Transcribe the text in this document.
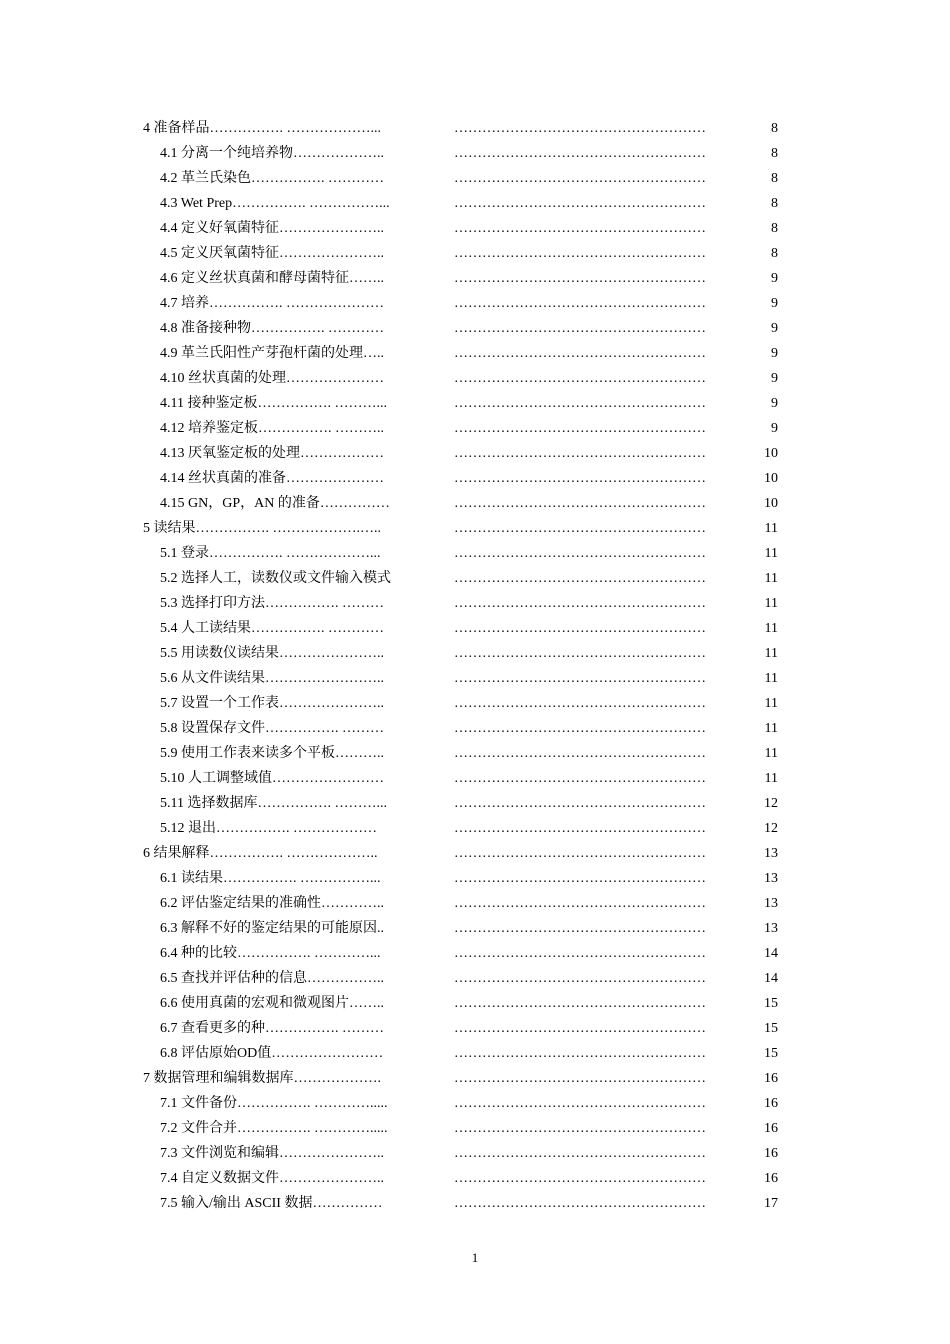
4 准备样品……………. ………………...	………………………………………………	8
4.1 分离一个纯培养物………………..	………………………………………………	8
4.2 革兰氏染色……………. …………	………………………………………………	8
4.3 Wet Prep……………. ……………...	………………………………………………	8
4.4 定义好氧菌特征…………………..	………………………………………………	8
4.5 定义厌氧菌特征…………………..	………………………………………………	8
4.6 定义丝状真菌和酵母菌特征……..	………………………………………………	9
4.7 培养……………. …………………	………………………………………………	9
4.8 准备接种物……………. …………	………………………………………………	9
4.9 革兰氏阳性产芽孢杆菌的处理…..	………………………………………………	9
4.10 丝状真菌的处理…………………	………………………………………………	9
4.11 接种鉴定板……………. ………...	………………………………………………	9
4.12 培养鉴定板……………. ………..	………………………………………………	9
4.13 厌氧鉴定板的处理………………	………………………………………………	10
4.14 丝状真菌的准备…………………	………………………………………………	10
4.15 GN，GP，AN 的准备……………	………………………………………………	10
5 读结果……………. ……………….…..	………………………………………………	11
5.1 登录……………. ………………...	………………………………………………	11
5.2 选择人工，读数仪或文件输入模式	………………………………………………	11
5.3 选择打印方法……………. ………	………………………………………………	11
5.4 人工读结果……………. …………	………………………………………………	11
5.5 用读数仪读结果…………………..	………………………………………………	11
5.6 从文件读结果……………………..	………………………………………………	11
5.7 设置一个工作表…………………..	………………………………………………	11
5.8 设置保存文件……………. ………	………………………………………………	11
5.9 使用工作表来读多个平板………..	………………………………………………	11
5.10 人工调整域值……………………	………………………………………………	11
5.11 选择数据库……………. ………...	………………………………………………	12
5.12 退出……………. ………………	………………………………………………	12
6 结果解释……………. ………………..	………………………………………………	13
6.1 读结果……………. ……………...	………………………………………………	13
6.2 评估鉴定结果的准确性…………..	………………………………………………	13
6.3 解释不好的鉴定结果的可能原因..	………………………………………………	13
6.4 种的比较……………. …………...	………………………………………………	14
6.5 查找并评估种的信息……………..	………………………………………………	14
6.6 使用真菌的宏观和微观图片……..	………………………………………………	15
6.7 查看更多的种……………. ………	………………………………………………	15
6.8 评估原始OD值……………………	………………………………………………	15
7 数据管理和编辑数据库……………….	………………………………………………	16
7.1 文件备份……………. ………….....	………………………………………………	16
7.2 文件合并……………. ………….....	………………………………………………	16
7.3 文件浏览和编辑…………………..	………………………………………………	16
7.4 自定义数据文件…………………..	………………………………………………	16
7.5 输入/输出 ASCII 数据……………	………………………………………………	17
1
